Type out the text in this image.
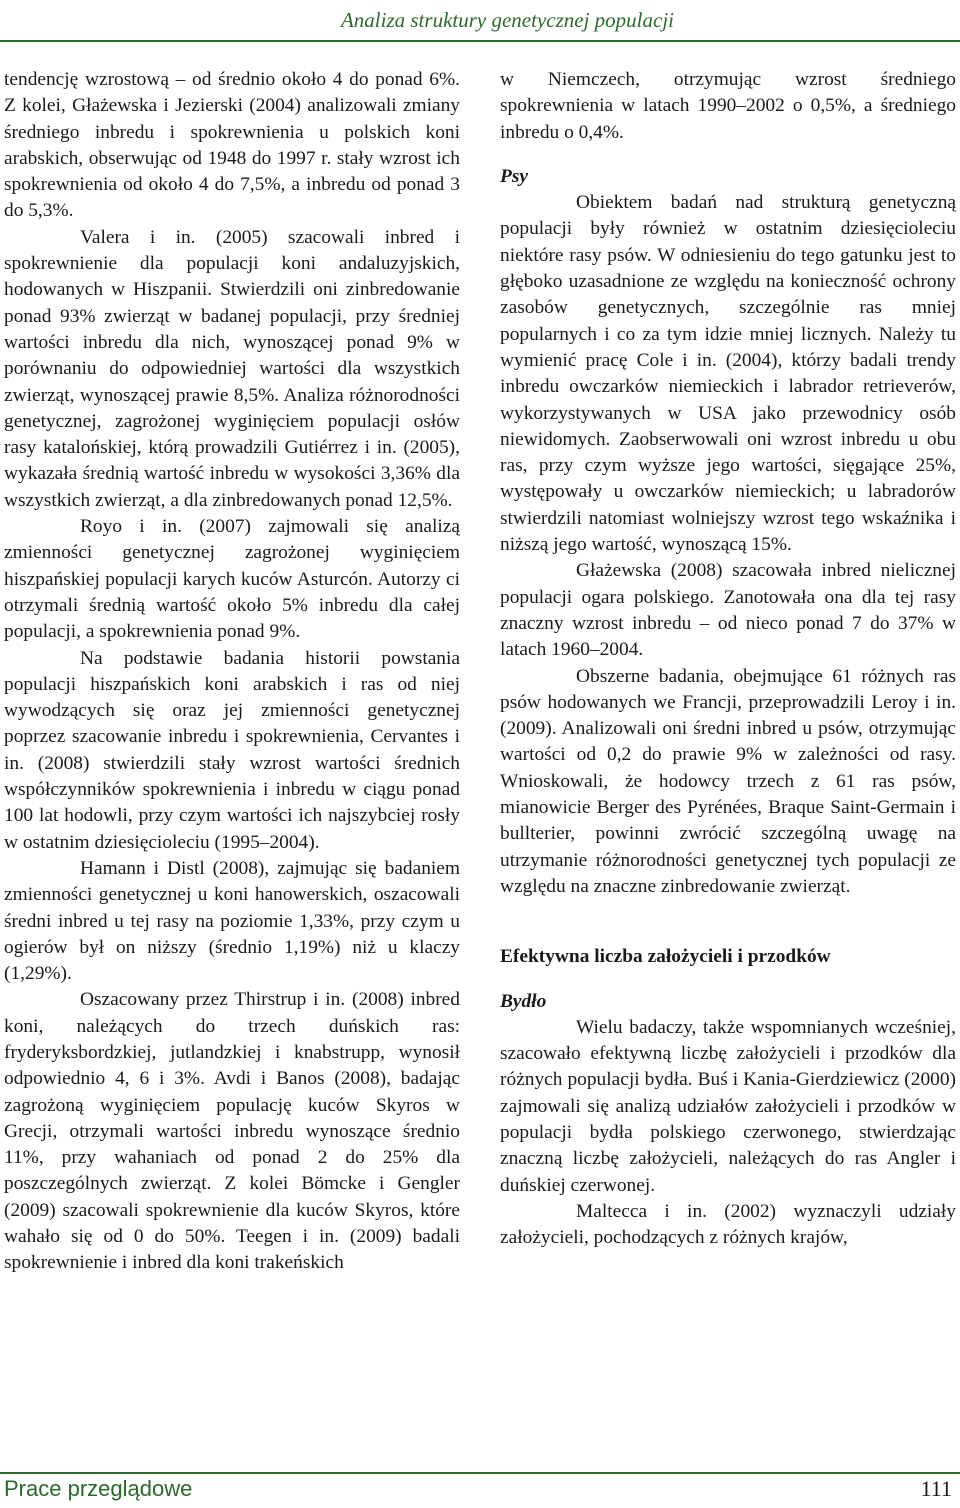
Analiza struktury genetycznej populacji

tendencję wzrostową – od średnio około 4 do ponad 6%. Z kolei, Głażewska i Jezierski (2004) analizowali zmiany średniego inbredu i spokrewnienia u polskich koni arabskich, obserwując od 1948 do 1997 r. stały wzrost ich spokrewnienia od około 4 do 7,5%, a inbredu od ponad 3 do 5,3%.

Valera i in. (2005) szacowali inbred i spokrewnienie dla populacji koni andaluzyjskich, hodowanych w Hiszpanii. Stwierdzili oni zinbredowanie ponad 93% zwierząt w badanej populacji, przy średniej wartości inbredu dla nich, wynoszącej ponad 9% w porównaniu do odpowiedniej wartości dla wszystkich zwierząt, wynoszącej prawie 8,5%. Analiza różnorodności genetycznej, zagrożonej wyginięciem populacji osłów rasy katalońskiej, którą prowadzili Gutiérrez i in. (2005), wykazała średnią wartość inbredu w wysokości 3,36% dla wszystkich zwierząt, a dla zinbredowanych ponad 12,5%.

Royo i in. (2007) zajmowali się analizą zmienności genetycznej zagrożonej wyginięciem hiszpańskiej populacji karych kuców Asturcón. Autorzy ci otrzymali średnią wartość około 5% inbredu dla całej populacji, a spokrewnienia ponad 9%.

Na podstawie badania historii powstania populacji hiszpańskich koni arabskich i ras od niej wywodzących się oraz jej zmienności genetycznej poprzez szacowanie inbredu i spokrewnienia, Cervantes i in. (2008) stwierdzili stały wzrost wartości średnich współczynników spokrewnienia i inbredu w ciągu ponad 100 lat hodowli, przy czym wartości ich najszybciej rosły w ostatnim dziesięcioleciu (1995–2004).

Hamann i Distl (2008), zajmując się badaniem zmienności genetycznej u koni hanowerskich, oszacowali średni inbred u tej rasy na poziomie 1,33%, przy czym u ogierów był on niższy (średnio 1,19%) niż u klaczy (1,29%).

Oszacowany przez Thirstrup i in. (2008) inbred koni, należących do trzech duńskich ras: fryderyksbordzkiej, jutlandzkiej i knabstrupp, wynosił odpowiednio 4, 6 i 3%. Avdi i Banos (2008), badając zagrożoną wyginięciem populację kuców Skyros w Grecji, otrzymali wartości inbredu wynoszące średnio 11%, przy wahaniach od ponad 2 do 25% dla poszczególnych zwierząt. Z kolei Bömcke i Gengler (2009) szacowali spokrewnienie dla kuców Skyros, które wahało się od 0 do 50%. Teegen i in. (2009) badali spokrewnienie i inbred dla koni trakeńskich

w Niemczech, otrzymując wzrost średniego spokrewnienia w latach 1990–2002 o 0,5%, a średniego inbredu o 0,4%.

Psy

Obiektem badań nad strukturą genetyczną populacji były również w ostatnim dziesięcioleciu niektóre rasy psów. W odniesieniu do tego gatunku jest to głęboko uzasadnione ze względu na konieczność ochrony zasobów genetycznych, szczególnie ras mniej popularnych i co za tym idzie mniej licznych. Należy tu wymienić pracę Cole i in. (2004), którzy badali trendy inbredu owczarków niemieckich i labrador retrieverów, wykorzystywanych w USA jako przewodnicy osób niewidomych. Zaobserwowali oni wzrost inbredu u obu ras, przy czym wyższe jego wartości, sięgające 25%, występowały u owczarków niemieckich; u labradorów stwierdzili natomiast wolniejszy wzrost tego wskaźnika i niższą jego wartość, wynoszącą 15%.

Głażewska (2008) szacowała inbred nielicznej populacji ogara polskiego. Zanotowała ona dla tej rasy znaczny wzrost inbredu – od nieco ponad 7 do 37% w latach 1960–2004.

Obszerne badania, obejmujące 61 różnych ras psów hodowanych we Francji, przeprowadzili Leroy i in. (2009). Analizowali oni średni inbred u psów, otrzymując wartości od 0,2 do prawie 9% w zależności od rasy. Wnioskowali, że hodowcy trzech z 61 ras psów, mianowicie Berger des Pyrénées, Braque Saint-Germain i bullterier, powinni zwrócić szczególną uwagę na utrzymanie różnorodności genetycznej tych populacji ze względu na znaczne zinbredowanie zwierząt.

Efektywna liczba założycieli i przodków

Bydło

Wielu badaczy, także wspomnianych wcześniej, szacowało efektywną liczbę założycieli i przodków dla różnych populacji bydła. Buś i Kania-Gierdziewicz (2000) zajmowali się analizą udziałów założycieli i przodków w populacji bydła polskiego czerwonego, stwierdzając znaczną liczbę założycieli, należących do ras Angler i duńskiej czerwonej.

Maltecca i in. (2002) wyznaczyli udziały założycieli, pochodzących z różnych krajów,

Prace przeglądowe	111
